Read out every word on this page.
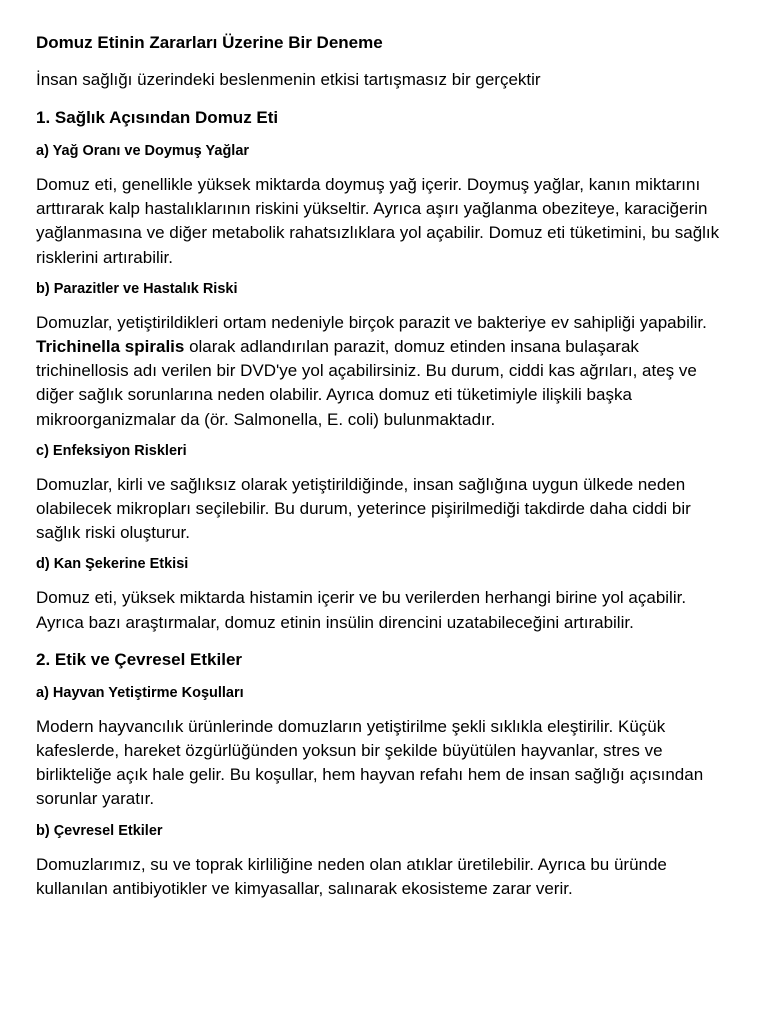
Domuz Etinin Zararları Üzerine Bir Deneme

İnsan sağlığı üzerindeki beslenmenin etkisi tartışmasız bir gerçektir

1. Sağlık Açısından Domuz Eti
a) Yağ Oranı ve Doymuş Yağlar

Domuz eti, genellikle yüksek miktarda doymuş yağ içerir. Doymuş yağlar, kanın miktarını arttırarak kalp hastalıklarının riskini yükseltir. Ayrıca aşırı yağlanma obeziteye, karaciğerin yağlanmasına ve diğer metabolik rahatsızlıklara yol açabilir. Domuz eti tüketimini, bu sağlık risklerini artırabilir.

b) Parazitler ve Hastalık Riski

Domuzlar, yetiştirildikleri ortam nedeniyle birçok parazit ve bakteriye ev sahipliği yapabilir. Trichinella spiralis olarak adlandırılan parazit, domuz etinden insana bulaşarak trichinellosis adı verilen bir DVD'ye yol açabilirsiniz. Bu durum, ciddi kas ağrıları, ateş ve diğer sağlık sorunlarına neden olabilir. Ayrıca domuz eti tüketimiyle ilişkili başka mikroorganizmalar da (ör. Salmonella, E. coli) bulunmaktadır.

c) Enfeksiyon Riskleri

Domuzlar, kirli ve sağlıksız olarak yetiştirildiğinde, insan sağlığına uygun ülkede neden olabilecek mikropları seçilebilir. Bu durum, yeterince pişirilmediği takdirde daha ciddi bir sağlık riski oluşturur.

d) Kan Şekerine Etkisi

Domuz eti, yüksek miktarda histamin içerir ve bu verilerden herhangi birine yol açabilir. Ayrıca bazı araştırmalar, domuz etinin insülin direncini uzatabileceğini artırabilir.

2. Etik ve Çevresel Etkiler
a) Hayvan Yetiştirme Koşulları

Modern hayvancılık ürünlerinde domuzların yetiştirilme şekli sıklıkla eleştirilir. Küçük kafeslerde, hareket özgürlüğünden yoksun bir şekilde büyütülen hayvanlar, stres ve birlikteliğe açık hale gelir. Bu koşullar, hem hayvan refahı hem de insan sağlığı açısından sorunlar yaratır.

b) Çevresel Etkiler

Domuzlarımız, su ve toprak kirliliğine neden olan atıklar üretilebilir. Ayrıca bu üründe kullanılan antibiyotikler ve kimyasallar, salınarak ekosisteme zarar verir.
